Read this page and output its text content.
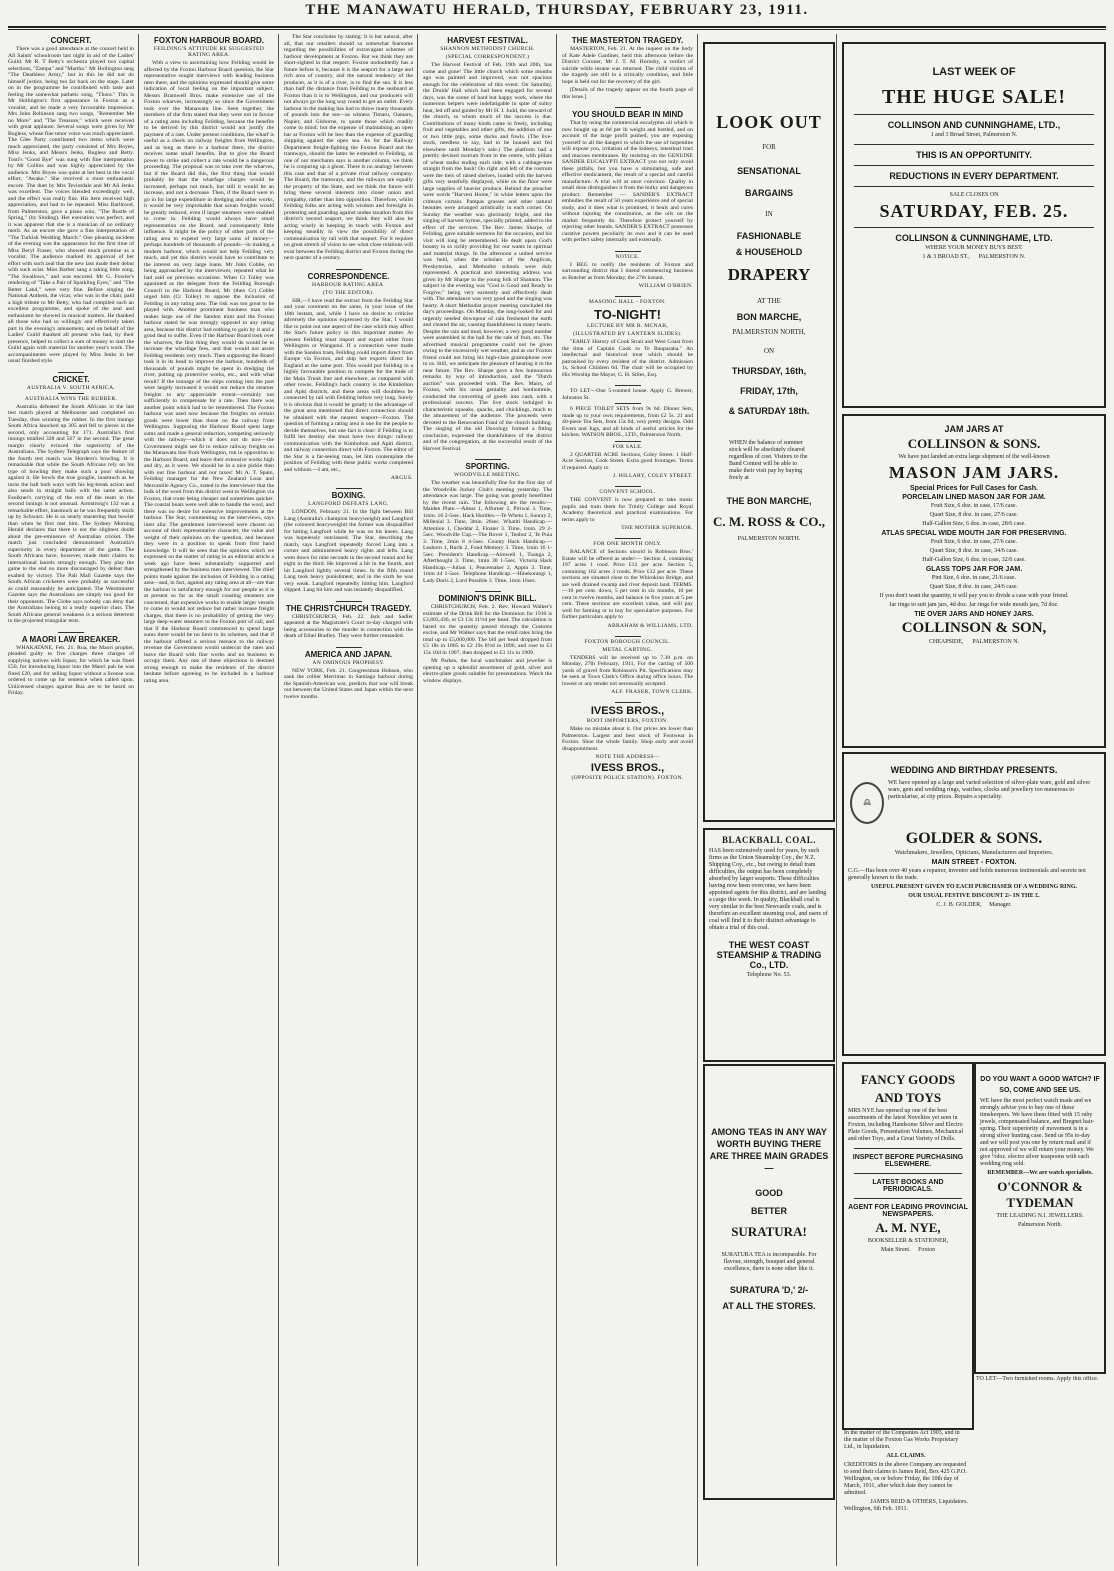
THE MANAWATU HERALD, THURSDAY, FEBRUARY 23, 1911.
CONCERT.

There was a good attendance at the concert held in All Saints' schoolroom last night in aid of the Ladies' Guild. Mr R. T Betty's orchestra played two capital selections, "Zampa" and "Martha." Mr Hollington sang "The Deathless Army," but in this he did not do himself justice, being too far back on the stage. Later on in the programme he contributed with taste and feeling the somewhat pathetic song, "Thora." This is Mr Hollington's first appearance in Foxton as a vocalist, and he made a very favourable impression. Mrs John Robinson sang two songs, "Remember Me no More" and "The Treasure," which were received with great applause. Several songs were given by Mr Bugless, whose fine tenor voice was much appreciated. The Glee Party contributed two items which were much appreciated, the party consisted of Mrs Boyes, Miss Jenks, and Messrs Jenks, Bugless and Betty. Tosti's "Good Bye" was sung with fine interpretation by Mr Collins and was highly appreciated by the audience. Mrs Boyes was quite at her best in the vocal effort, "Awake." She received a most enthusiastic encore. The duet by Mrs Teviotdale and Mr Ali Jenks was excellent. The voices blended exceedingly well, and the effect was really fine. His item received high appreciation, and had to be repeated. Miss Barltrood, from Palmerston, gave a piano solo, "The Rustle of Spring," (by Sinding). Her execution was perfect, and it was apparent that she is a musician of no ordinary merit. As an encore she gave a fine interpretation of "The Turkish Wedding March." One pleasing incident of the evening was the appearance for the first time of Miss Beryl Fraser, who showed much promise as a vocalist. The audience marked its approval of her effort with such zeal that the new lass made their debut with such eclat. Miss Barber sang a taking little song, "The Swallows," and was encored. Mr G. Fowler's rendering of "Take a Pair of Sparkling Eyes," and "The Better Land," were very fine. Before singing the National Anthem, the vicar, who was in the chair, paid a high tribute to Mr Betty, who had compiled such an excellent programme, and spoke of the zeal and enthusiasm he showed in musical matters. He thanked all those who had so willingly and effectively taken part in the evening's amusement, and on behalf of the Ladies' Guild thanked all present who had, by their presence, helped to collect a sum of money to start the Guild again with material for another year's work. The accompaniments were played by Miss Jenks in her usual finished style.

CRICKET.
AUSTRALIA V. SOUTH AFRICA.
AUSTRALIA WINS THE RUBBER.

Australia defeated the South Africans in the last test match played at Melbourne and completed on Tuesday, thus winning the rubber. In the first innings South Africa knocked up 305 and fell to pieces in the second, only accounting for 171. Australia's first innings totalled 328 and 567 in the second. The great margin clearly evinced the superiority of the Australians. The Sydney Telegraph says the feature of the fourth test match was Hordern's bowling. It is remarkable that while the South Africans rely on his type of bowling they make such a poor showing against it. He bowls the true googlie, inasmuch as he turns the ball both ways with his leg-break action and also sends in straight balls with the same action. Faulkner's carrying of the rest of the team in the second innings is not unusual. Armstrong's 132 was a remarkable effort, inasmuch as he was frequently stuck up by Schwarz. He is so nearly mastering that bowler than when he first met him. The Sydney Morning Herald declares that there is not the slightest doubt about the pre-eminence of Australian cricket. The match just concluded demonstrated Australia's superiority in every department of the game. The South Africans have, however, made their claims to international laurels strongly enough. They play the game to the end no more discouraged by defeat than exalted by victory. The Pall Mall Gazette says the South African cricketers were probably as successful as could reasonably be anticipated. The Westminster Gazette says the Australians are simply too good for their opponents. The Globe says nobody can deny that the Australians belong to a really superior class. The South Africans general weakness is a serious deterrent to the projected triangular tests.

A MAORI LAW BREAKER.

WHAKATANE, Feb. 21. Rua, the Maori prophet, pleaded guilty to five charges three charges of supplying natives with liquor, for which he was fined £50, for introducing liquor into the Maori pah he was fined £20, and for selling liquor without a license was ordered to come up for sentence when called upon. Unlicensed charges against Rua are to be heard on Friday.

FOXTON HARBOUR BOARD.
FEILDING'S ATTITUDE RE SUGGESTED RATING AREA.

With a view to ascertaining how Feilding would be affected by the Foxton Harbour Board question, the Star representative sought interviews with leading business men there, and the opinions expressed should give some indication of local feeling on the important subject. Messrs Bramwell Bros. make extensive use of the Foxton wharves, increasingly so since the Government took over the Manawatu line. Seen together, the members of the firm stated that they were not in favour of a rating area including Feilding, because the benefits to be derived by this district would not justify the payment of a rate. Under present conditions, the wharf is useful as a check on railway freights from Wellington, and as long as there is a harbour there, the district receives some small benefits. But to give the Board power to strike and collect a rate would be a dangerous proceeding. The proposal was to take over the wharves, but if the Board did this, the first thing that would probably be that the wharfage charges would be increased, perhaps not much, but still it would be an increase, and not a decrease. Then, if the Board were to go in for large expenditure in dredging and other works, it would be very improbable that ocean freights would be greatly reduced, even if larger steamers were enabled to come in. Feilding would always have small representation on the Board, and consequently little influence. It might be the policy of other parts of the rating area to expend very large sums of money—perhaps hundreds of thousands of pounds—in making a modern harbour, which would not help Feilding very much, and yet this district would have to contribute to the interest on very large loans. Mr John Cobbe, on being approached by the interviewer, repeated what he had said on previous occasions. When Cr Tolley was appointed as the delegate from the Feilding Borough Council to the Harbour Board, Mr (then Cr) Cobbe urged him (Cr Tolley) to oppose the inclusion of Feilding in any rating area. The risk was too great to be played with. Another prominent business man who makes large use of the Sandon tram and the Foxton harbour stated he was strongly opposed to any rating area, because this district had nothing to gain by it and a good deal to suffer. Even if the Harbour Board took over the wharves, the first thing they would do would be to increase the wharfage fees, and that would not assist Feilding residents very much. Then supposing the Board took it in its head to improve the harbour, hundreds of thousands of pounds might be spent in dredging the river, putting up protective works, etc., and with what result? If the tonnage of the ships coming into the port were largely increased it would not reduce the steamer freights to any appreciable extent—certainly not sufficiently to compensate for a rate. Then there was another point which had to be remembered. The Foxton harbour was used now because the freights on certain goods were lower than those on the railway from Wellington. Supposing the Harbour Board spent large sums and made a general reduction, competing seriously with the railway—which it does not do now—the Government might see fit to reduce railway freights on the Manawatu line from Wellington, run in opposition to the Harbour Board, and leave their extensive works high and dry, as it were. We should be in a nice pickle then with our fine harbour and our taxes! Mr A. T. Spain, Feilding manager for the New Zealand Loan and Mercantile Agency Co., stated to the interviewer that the bulk of the wool from this district went to Wellington via Foxton, that route being cheaper and sometimes quicker. The coastal boats were well able to handle the wool, and there was no desire for extensive improvements at the harbour. The Star, commenting on the interviews, says inter alia: The gentlemen interviewed were chosen on account of their representative character, the value and weight of their opinions on the question, and because they were in a position to speak from first hand knowledge. It will be seen that the opinions which we expressed on the matter of rating in an editorial article a week ago have been substantially supported and strengthened by the business men interviewed. The chief points made against the inclusion of Feilding in a rating area—and, in fact, against any rating area at all—are that the harbour is satisfactory enough for our people as it is at present so far as the small coasting steamers are concerned, that expensive works to enable larger vessels to come in would not reduce but rather increase freight charges, that there is no probability of getting the very large deep-water steamers to the Foxton port of call, and that if the Harbour Board commenced to spend large sums there would be no limit to its schemes, and that if the harbour offered a serious menace to the railway revenue the Government would undercut the rates and leave the Board with fine works and no business to occupy them. Any one of these objections is deemed strong enough to make the residents of the district hesitate before agreeing to be included in a harbour rating area.

The Star concludes by stating: It is but natural, after all, that our retailers should so somewhat fearsome regarding the possibilities of extravagant schemes of harbour development at Foxton. But we think they are short-sighted in that respect. Foxton undoubtedly has a future before it, because it is the seaport for a large and rich area of country, and the natural tendency of the producer, as it is of a river, is to find the sea. It is less than half the distance from Feilding to the seaboard at Foxton than it is to Wellington, and our producers will not always go the long way round to get an outlet. Every harbour in the making has had to throw many thousands of pounds into the sea—as witness Timaru, Oamaru, Napier, and Gisborne, to quote those which readily come to mind; but the expense of maintaining an open bar at Foxton will be less than the expense of guarding shipping against the open sea. As for the Railway Department freight-fighting the Foxton Board and the tramways, should the latter be extended to Feilding, as one of our merchants says is another column, we think he is conjuring up a ghost. There is no analogy between this case and that of a private rival railway company. The Board, the tramways, and the railways are equally the property of the State, and we think the future will bring these several interests into closer union and sympathy, rather than into opposition. Therefore, whilst Feilding folks are acting with wisdom and foresight in protesting and guarding against undue taxation from this district's second seaport, we think they will also be acting wisely in keeping in touch with Foxton and keeping steadily in view the possibility of direct communication by rail with that seaport. For it requires no great stretch of vision to see what close relations will exist between the Feilding district and Foxton during the next quarter of a century.

CORRESPONDENCE.
HARBOUR RATING AREA.
(TO THE EDITOR).

SIR,—I have read the extract from the Feilding Star and your comment on the same, in your issue of the 18th instant, and, while I have no desire to criticise adversely the opinions expressed by the Star, I would like to point out one aspect of the case which may affect the Star's future policy in this important matter. At present Feilding must import and export either from Wellington or Wanganui. If a connection were made with the Sandon tram, Feilding could import direct from Europe via Foxton, and ship her exports direct for England at the same port. This would put Feilding in a highly favourable position to compete for the trade of the Main Trunk line and elsewhere, as compared with other towns. Feilding's back country is the Kimbolton and Apiti districts, and these areas will doubtless be connected by rail with Feilding before very long. Surely it is obvious that it would be greatly to the advantage of the great area mentioned that direct connection should be obtained with the nearest seaport—Foxton. The question of forming a rating area is one for the people to decide themselves, but one fact is clear: if Feilding is to fulfil her destiny she must have two things: railway communication with the Kimbolton and Apiti district, and railway connection direct with Foxton. The editor of the Star is a far-seeing man, let him contemplate the position of Feilding with these public works completed and without.—I am, etc.,

ARGUS.
BOXING.
LANGFORD DEFEATS LANG.

LONDON, February 21. In the fight between Bill Lang (Australia's champion heavyweight) and Langford (the coloured heavyweight) the former was disqualified for hitting Langford while he was on his knees. Lang was hopelessly outclassed. The Star, describing the match, says Langford repeatedly forced Lang into a corner and administered heavy rights and lefts. Lang went down for nine seconds in the second round and for eight in the third. He improved a bit in the fourth, and hit Langford lightly several times. In the fifth round Lang took heavy punishment, and in the sixth he was very weak. Langford repeatedly hitting him. Langford slipped. Lang hit him and was instantly disqualified.

THE CHRISTCHURCH TRAGEDY.

CHRISTCHURCH, Feb. 22. Jack and Sadler appeared at the Magistrate's Court to-day charged with being accessories to the murder in connection with the death of Ethel Bradley. They were further remanded.

AMERICA AND JAPAN.
AN OMINOUS PROPHESY.

NEW YORK, Feb. 21. Congressman Hobson, who sank the collier Merrimac in Santiago harbour during the Spanish-American war, predicts that war will break out between the United States and Japan within the next twelve months.

HARVEST FESTIVAL.
SHANNON METHODIST CHURCH.
(SPECIAL CORRESPONDENT.)

The Harvest Festival of Feb. 19th and 20th, has come and gone! The little church which some months ago was painted and improved, was not spacious enough for the celebration of this event. On Saturday, the Druids' Hall which had been engaged for several days, was the scene of hard but happy work, where the numerous helpers were indefatigable in spite of sultry heat, led off and guided by Mr H. J. Judd, the steward of the church, to whom much of the success is due. Contributions of many kinds came in freely, including fruit and vegetables and other gifts, the addition of one or two little pigs, some ducks and fowls. (The live-stock, needless to say, had to be housed and fed elsewhere until Monday's sale.) The platform had a prettily devised rostrum front in the centre, with pillars of wheat stalks ending each side, with a cabbage-tree straight from the bush! On right and left of the rostrum were the tiers of raised shelves, loaded with the harvest gifts very tastefully displayed, while on the floor were large supplies of heavier produce. Behind the preacher were words "Harvest Home," in white letters upon the crimson curtain. Pampas grasses and other natural beauties were arranged artistically in each corner. On Sunday the weather was gloriously bright, and the singing of harvest hymns, specially printed, added to the effect of the services. The Rev. James Sharpe, of Feilding, gave suitable sermons for the occasion, and his visit will long be remembered. He dealt upon God's bounty in so richly providing for our wants in spiritual and material things. In the afternoon a united service was held, when the scholars of the Anglican, Presbyterian, and Methodist schools were duly represented. A practical and interesting address was given by Mr Sharpe to the young folk of Shannon. The subject in the evening was "God is Good and Ready to Forgive," being very earnestly and effectively dealt with. The attendance was very good and the singing was hearty. A short Methodist prayer meeting concluded the day's proceedings. On Monday, the long-looked for and urgently needed downpour of rain freshened the earth and cleared the air, causing thankfulness in many hearts. Despite the rain and mud, however, a very good number were assembled in the hall for the sale of fruit, etc. The advertised musical programme could not be given owing to the excessively wet weather, and as our Foxton friend could not bring his high-class gramophone over to us. Still, we anticipate the pleasure of hearing it in the near future. The Rev. Sharpe gave a few humourous remarks by way of introduction, and the "Dutch auction" was proceeded with. The Rev. Mairs, of Foxton, with his usual geniality and bonhommie, conducted the converting of goods into cash, with a professional success. The live stock indulged in characteristic squeaks, quacks, and chicklings, much to the amusement of the audience. The proceeds were devoted to the Renovation Fund of the church building. The singing of the old Doxology formed a fitting conclusion, expressed the thankfulness of the district and of the congregation, at the successful result of the Harvest Festival.

SPORTING.
WOODVILLE MEETING.

The weather was beautifully fine for the first day of the Woodville Jockey Club's meeting yesterday. The attendance was large. The going was greatly benefitted by the recent rain. The following are the results:— Maiden Plate.—Altear 1, Alfurner 2, Piriwai 3. Time, 1min. 16 2-5sec. Hack Hurdles.—Te Whetu 1, Sunray 2, Millenial 3. Time, 3min. 26sec. Whatiti Handicap.—Attention 1, Cheddar 2, Floater 3. Time, 1min. 29 2-5sec. Woodville Cup.—The Rover 1, Tenbur 2, Te Puia 3. Time, 2min 8 4-5sec. County Hack Handicap.—Leahorn 1, Rurik 2, Fond Memory 3. Time, 1min 16 1-5sec. President's Handicap.—Aimwell 1, Toanga 2, Afterthought 3. Time, 1min 30 1-5sec. Victoria Hack Handicap.—Julian 1, Peacemaker 2, Appin 3. Time, 1min 44 1-5sec. Telephone Handicap.—Hinekorangi 1, Lady Doris 2, Lord Possible 3. Time, 1min 16sec.

DOMINION'S DRINK BILL.

CHRISTCHURCH, Feb. 2. Rev. Howard Walker's estimate of the Drink Bill for the Dominion for 1910 is £3,803,436, or £3 13s 11½d per head. The calculation is based on the quantity passed through the Customs excise, and Mr Walker says that the retail rates bring the total up to £5,000,000. The bill per head dropped from £3 18s in 1885 to £2 19s 8½d in 1896, and rose to £3 15s 10d in 1907, then dropped to £3 11s in 1909.

Mr Parkes, the local watchmaker and jeweller is opening up a splendid assortment of gold, silver and electro-plate goods suitable for presentations. Watch the window displays.

THE MASTERTON TRAGEDY.

MASTERTON, Feb. 21. At the inquest on the body of Kate Adele Gardiner, held this afternoon before the District Coroner, Mr J. T. M. Hornsby, a verdict of suicide while insane was returned. The child victims of the tragedy are still in a critically condition, and little hope is held out for the recovery of the girl.

[Details of the tragedy appear on the fourth page of this issue.]

YOU SHOULD BEAR IN MIND

That by using the commercial eucalyptus oil which is now bought up at 6d per lb weight and bottled, and on account of the large profit pushed, you are exposing yourself to all the dangers to which the use of turpentine will expose you, irritation of the kidneys, intestinal tract and mucous membranes. By insisting on the GENUINE SANDER EUCALYPTI EXTRACT you not only avoid these pitfalls, but you have a stimulating, safe and effective medicament, the result of a special and careful manufacture. A trial will at once convince. Quality in small dose distinguishes it from the bulky and dangerous product. Remember — SANDER'S EXTRACT embodies the result of 50 years experience and of special study, and it does what is promised, it heals and cures without injuring the constitution, as the oils on the market frequently do. Therefore protect yourself by rejecting other brands. SANDER'S EXTRACT possesses curative powers peculiarly its own and it can be used with perfect safety internally and externally.

NOTICE.

I BEG to notify the residents of Foxton and surrounding district that I intend commencing business as Butcher as from Monday, the 27th instant.

WILLIAM O'BRIEN.
MASONIC HALL - FOXTON.
TO-NIGHT!
LECTURE BY MR R. MCNAB,
(ILLUSTRATED BY LANTERN SLIDES).

"EARLY History of Cook Strait and West Coast from the time of Captain Cook to Te Rauparaha." An intellectual and historical treat which should be patronised by every resident of the district. Admission 1s, School Children 6d. The chair will be occupied by His Worship the Mayor, G. H. Stiles, Esq.

TO LET—One 5-roomed house. Apply G. Brewer, Johnston St.

6 PIECE TOILET SETS from 9s 6d. Dinner Sets, made up to your own requirements, from £2 5s. 21 and 40-piece Tea Sets, from 15s 6d, very pretty designs. Odd Ewers and Jugs, and all kinds of useful articles for the kitchen. WATSON BROS., LTD., Palmerston North.

FOR SALE.

2 QUARTER ACRE Sections, Coley Street. 1 Half-Acre Section, Cook Street. Extra good frontages. Terms if required. Apply to

J. HILLARY, COLEY STREET.
CONVENT SCHOOL.

THE CONVENT is now prepared to take music pupils and train them for Trinity College and Royal Academy theoretical and practical examinations. For terms apply to

THE MOTHER SUPERIOR.
FOR ONE MONTH ONLY.

BALANCE of Sections unsold in Robinson Bros.' Estate will be offered as under:— Section 4, containing 197 acres 1 rood. Price £12 per acre. Section 5, containing 162 acres 3 roods. Price £12 per acre. These sections are situated close to the Whirokino Bridge, and are well drained swamp and river deposit land. TERMS.—10 per cent. down, 5 per cent in six months, 10 per cent in twelve months, and balance in five years at 5 per cent. These sections are excellent value, and will pay well for farming or to buy for speculative purposes. For further particulars apply to

ABRAHAM & WILLIAMS, LTD.
FOXTON BOROUGH COUNCIL.
METAL CARTING.

TENDERS will be received up to 7.30 p.m. on Monday, 27th February, 1911, For the carting of 500 yards of gravel from Robinson's Pit. Specifications may be seen at Town Clerk's Office during office hours. The lowest or any tender not necessarily accepted.

ALF. FRASER, TOWN CLERK.
IVESS BROS.,
BOOT IMPORTERS, FOXTON.

Make no mistake about it. Our prices are lower than Palmerston. Largest and best stock of Footwear in Foxton. Shoe the whole family. Shop early and avoid disappointment.

NOTE THE ADDRESS—
IVESS BROS.,
(OPPOSITE POLICE STATION). FOXTON.
LOOK OUT

FOR

SENSATIONAL

BARGAINS

IN

FASHIONABLE

& HOUSEHOLD

DRAPERY

AT THE

BON MARCHE,

PALMERSTON NORTH,

ON

THURSDAY, 16th,

FRIDAY, 17th,

& SATURDAY 18th.

WHEN the balance of summer stock will be absolutely cleared regardless of cost. Visitors to the Band Contest will be able to make their visit pay by buying freely at

THE BON MARCHE,

C. M. ROSS & CO.,

PALMERSTON NORTH.

BLACKBALL COAL.

HAS been extensively used for years, by such firms as the Union Steamship Coy., the N.Z. Shipping Coy., etc., but owing to detail tram difficulties, the output has been completely absorbed by larger seaports. These difficulties having now been overcome, we have been appointed agents for this district, and are landing a cargo this week. In quality, Blackball coal is very similar to the best Newcastle coals, and is therefore an excellent steaming coal, and users of coal will find it to their distinct advantage to obtain a trial of this coal.

THE WEST COAST STEAMSHIP & TRADING Co., LTD.

Telephone No. 53.

AMONG TEAS IN ANY WAY WORTH BUYING THERE ARE THREE MAIN GRADES—

GOOD

BETTER

SURATURA!

SURATURA TEA is incomparable. For flavour, strength, bouquet and general excellence, there is none other like it.

SURATURA 'D,' 2/-

AT ALL THE STORES.

LAST WEEK OF

THE HUGE SALE!

COLLINSON AND CUNNINGHAME, LTD.,

1 and 3 Broad Street, Palmerston N.

THIS IS AN OPPORTUNITY.

REDUCTIONS IN EVERY DEPARTMENT.

SALE CLOSES ON

SATURDAY, FEB. 25.

COLLINSON & CUNNINGHAME, LTD.

WHERE YOUR MONEY BUYS BEST.

1 & 3 BROAD ST., PALMERSTON N.

JAM JARS AT

COLLINSON & SONS.

We have just landed an extra large shipment of the well-known

MASON JAM JARS.

Special Prices for Full Cases for Cash.

PORCELAIN LINED MASON JAR FOR JAM.

Fruit Size, 6 doz. in case, 17/6 case.

Quart Size, 8 doz. in case, 27/6 case.

Half-Gallon Size, 6 doz. in case, 28/6 case.

ATLAS SPECIAL WIDE MOUTH JAR FOR PRESERVING.

Fruit Size, 6 doz. in case, 27/6 case.

Quart Size, 8 doz. in case, 34/6 case.

Half-Gallon Size, 6 doz. in case, 32/6 case.

GLASS TOPS JAR FOR JAM.

Pint Size, 6 doz. in case, 21/6 case.

Quart Size, 8 doz. in case, 24/6 case.

If you don't want the quantity, it will pay you to divide a case with your friend.

Jar rings to suit jam jars, 4d doz. Jar rings for wide mouth jars, 7d doz.

TIE OVER JARS AND HONEY JARS.

COLLINSON & SON,

CHEAPSIDE, PALMERSTON N.

WEDDING AND BIRTHDAY PRESENTS.

🕰

WE have opened up a large and varied selection of silver-plate ware, gold and silver ware, gem and wedding rings, watches, clocks and jewellery too numerous to particularise, at city prices. Repairs a speciality.

GOLDER & SONS.

Watchmakers, Jewellers, Opticians, Manufacturers and Importers.

MAIN STREET - FOXTON.

C.G.—Has been over 40 years a repairer, inventor and holds numerous testimonials and secrets not generally known to the trade.

USEFUL PRESENT GIVEN TO EACH PURCHASER OF A WEDDING RING.

OUR USUAL FESTIVE DISCOUNT 2/- IN THE £.

C. J. B. GOLDER, Manager.

FANCY GOODS

AND TOYS

MRS NYE has opened up one of the best assortments of the latest Novelties yet seen in Foxton, including Handsome Silver and Electro Plate Goods, Presentation Volumes, Mechanical and other Toys, and a Great Variety of Dolls.

INSPECT BEFORE PURCHASING ELSEWHERE.

LATEST BOOKS AND PERIODICALS.

AGENT FOR LEADING PROVINCIAL NEWSPAPERS.

A. M. NYE,

BOOKSELLER & STATIONER,

Main Street. Foxton

DO YOU WANT A GOOD WATCH? IF SO, COME AND SEE US.

WE have the most perfect watch made and we strongly advise you to buy one of these timekeepers. We have them fitted with 15 ruby jewels, compensated balance, and Bregnet hair-spring. Their superiority of movement is in a strong silver hunting case. Send us 95s to-day and we will post you one by return mail and if not approved of we will return your money. We give ½doz. electro silver teaspoons with each wedding ring sold.

REMEMBER—We are watch specialists.

O'CONNOR & TYDEMAN

THE LEADING N.I. JEWELLERS.

Palmerston North.

In the matter of the Companies Act 1903, and in the matter of the Foxton Gas Works Proprietary Ltd., in liquidation.

ALL CLAIMS.

CREDITORS in the above Company are requested to send their claims to James Reid, Box 425 G.P.O. Wellington, on or before Friday, the 10th day of March, 1911, after which date they cannot be admitted.

JAMES REID & OTHERS, Liquidators.

Wellington, 6th Feb. 1911.

TO LET—Two furnished rooms. Apply this office.
